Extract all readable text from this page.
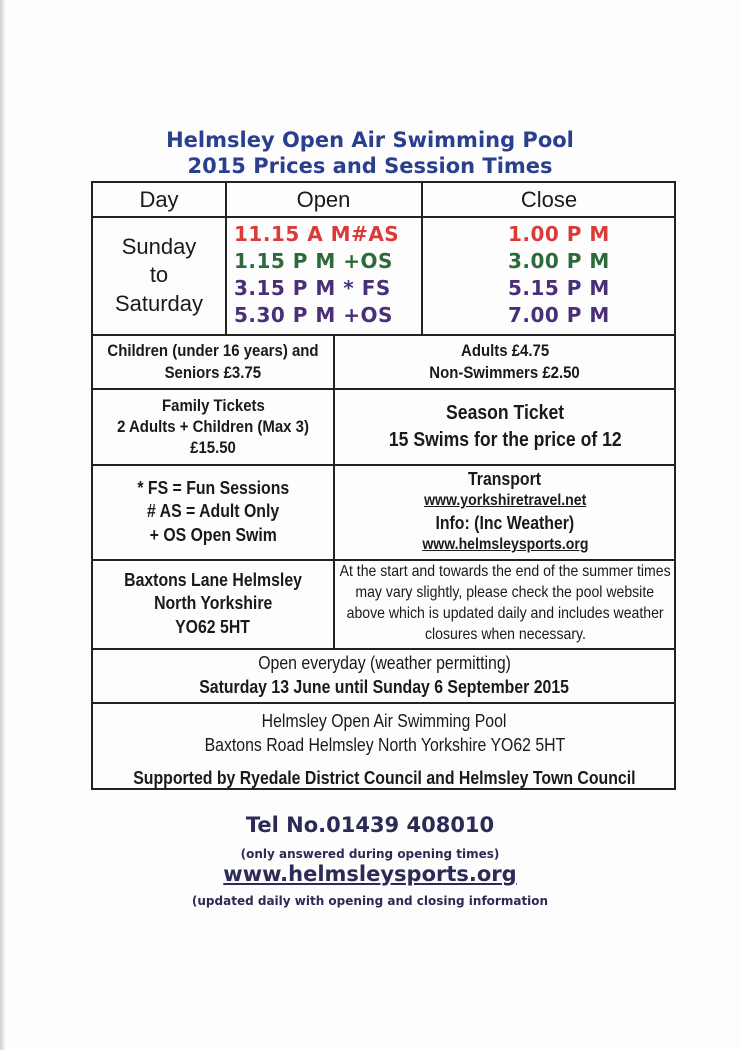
Helmsley Open Air Swimming Pool
2015 Prices and Session Times
Day	Open	Close
Sunday
to
Saturday
11.15 A M#AS
1.15 P M +OS
3.15 P M * FS
5.30 P M +OS
1.00 P M
3.00 P M
5.15 P M
7.00 P M
Children (under 16 years) and
Seniors £3.75
Adults £4.75
Non-Swimmers £2.50
Family Tickets
2 Adults + Children (Max 3)
£15.50
Season Ticket
15 Swims for the price of 12
* FS = Fun Sessions
# AS = Adult Only
+ OS Open Swim
Transport
www.yorkshiretravel.net
Info: (Inc Weather)
www.helmsleysports.org
Baxtons Lane Helmsley
North Yorkshire
YO62 5HT
At the start and towards the end of the summer times
may vary slightly, please check the pool website
above which is updated daily and includes weather
closures when necessary.
Open everyday (weather permitting)
Saturday 13 June until Sunday 6 September 2015
Helmsley Open Air Swimming Pool
Baxtons Road Helmsley North Yorkshire YO62 5HT
Supported by Ryedale District Council and Helmsley Town Council
Tel No.01439 408010
(only answered during opening times)
www.helmsleysports.org
(updated daily with opening and closing information
